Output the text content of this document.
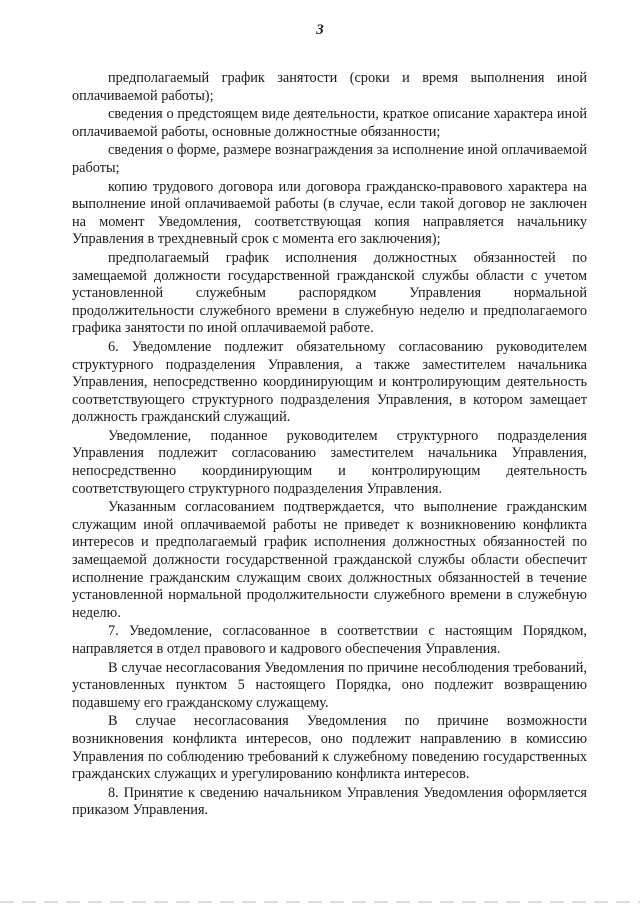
3

предполагаемый график занятости (сроки и время выполнения иной оплачиваемой работы);

сведения о предстоящем виде деятельности, краткое описание характера иной оплачиваемой работы, основные должностные обязанности;

сведения о форме, размере вознаграждения за исполнение иной оплачиваемой работы;

копию трудового договора или договора гражданско-правового характера на выполнение иной оплачиваемой работы (в случае, если такой договор не заключен на момент Уведомления, соответствующая копия направляется начальнику Управления в трехдневный срок с момента его заключения);

предполагаемый график исполнения должностных обязанностей по замещаемой должности государственной гражданской службы области с учетом установленной служебным распорядком Управления нормальной продолжительности служебного времени в служебную неделю и предполагаемого графика занятости по иной оплачиваемой работе.

6. Уведомление подлежит обязательному согласованию руководителем структурного подразделения Управления, а также заместителем начальника Управления, непосредственно координирующим и контролирующим деятельность соответствующего структурного подразделения Управления, в котором замещает должность гражданский служащий.

Уведомление, поданное руководителем структурного подразделения Управления подлежит согласованию заместителем начальника Управления, непосредственно координирующим и контролирующим деятельность соответствующего структурного подразделения Управления.

Указанным согласованием подтверждается, что выполнение гражданским служащим иной оплачиваемой работы не приведет к возникновению конфликта интересов и предполагаемый график исполнения должностных обязанностей по замещаемой должности государственной гражданской службы области обеспечит исполнение гражданским служащим своих должностных обязанностей в течение установленной нормальной продолжительности служебного времени в служебную неделю.

7. Уведомление, согласованное в соответствии с настоящим Порядком, направляется в отдел правового и кадрового обеспечения Управления.

В случае несогласования Уведомления по причине несоблюдения требований, установленных пунктом 5 настоящего Порядка, оно подлежит возвращению подавшему его гражданскому служащему.

В случае несогласования Уведомления по причине возможности возникновения конфликта интересов, оно подлежит направлению в комиссию Управления по соблюдению требований к служебному поведению государственных гражданских служащих и урегулированию конфликта интересов.

8. Принятие к сведению начальником Управления Уведомления оформляется приказом Управления.
